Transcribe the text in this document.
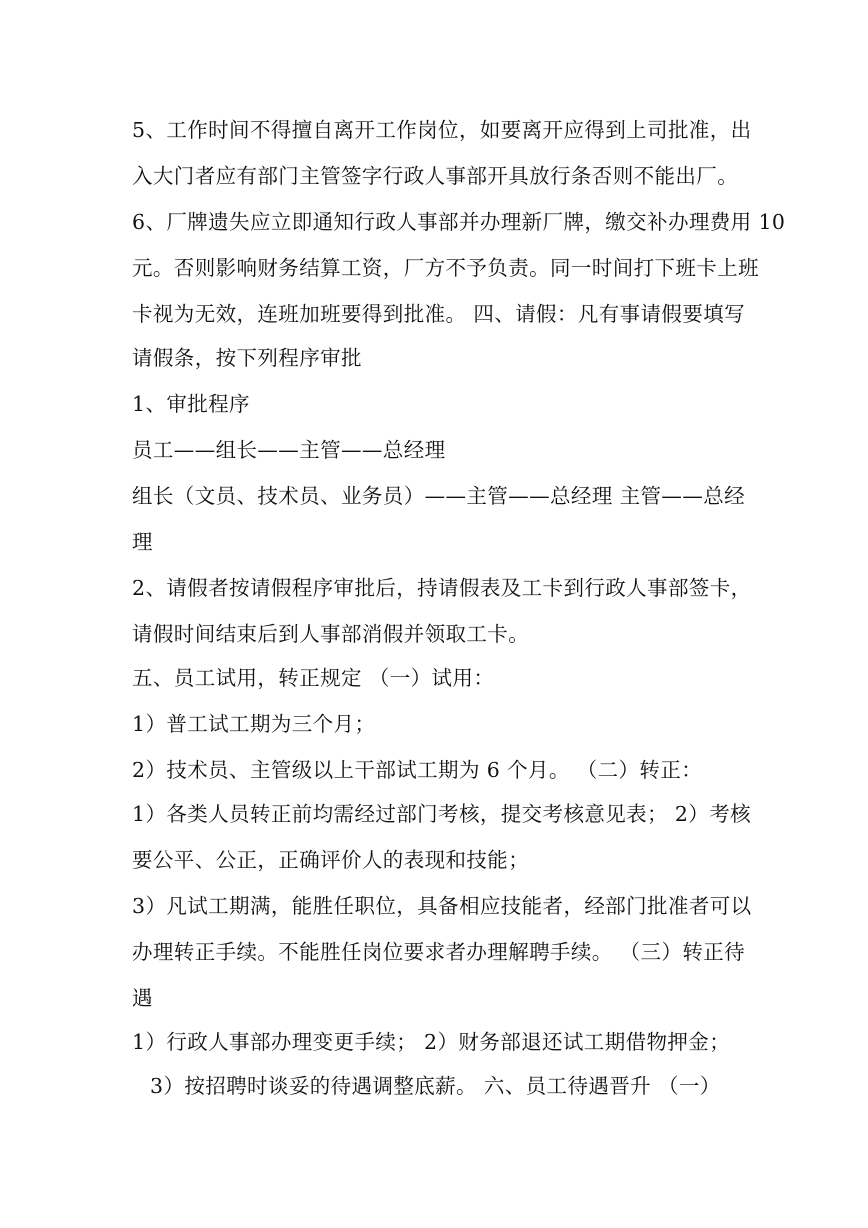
5、工作时间不得擅自离开工作岗位，如要离开应得到上司批准，出
入大门者应有部门主管签字行政人事部开具放行条否则不能出厂。
6、厂牌遗失应立即通知行政人事部并办理新厂牌，缴交补办理费用 10
元。否则影响财务结算工资，厂方不予负责。同一时间打下班卡上班
卡视为无效，连班加班要得到批准。 四、请假：凡有事请假要填写
请假条，按下列程序审批
1、审批程序
员工——组长——主管——总经理
组长（文员、技术员、业务员）——主管——总经理 主管——总经
理
2、请假者按请假程序审批后，持请假表及工卡到行政人事部签卡，
请假时间结束后到人事部消假并领取工卡。
五、员工试用，转正规定 （一）试用：
1）普工试工期为三个月；
2）技术员、主管级以上干部试工期为 6 个月。 （二）转正：
1）各类人员转正前均需经过部门考核，提交考核意见表； 2）考核
要公平、公正，正确评价人的表现和技能；
3）凡试工期满，能胜任职位，具备相应技能者，经部门批准者可以
办理转正手续。不能胜任岗位要求者办理解聘手续。 （三）转正待
遇
1）行政人事部办理变更手续； 2）财务部退还试工期借物押金；
3）按招聘时谈妥的待遇调整底薪。 六、员工待遇晋升 （一）
